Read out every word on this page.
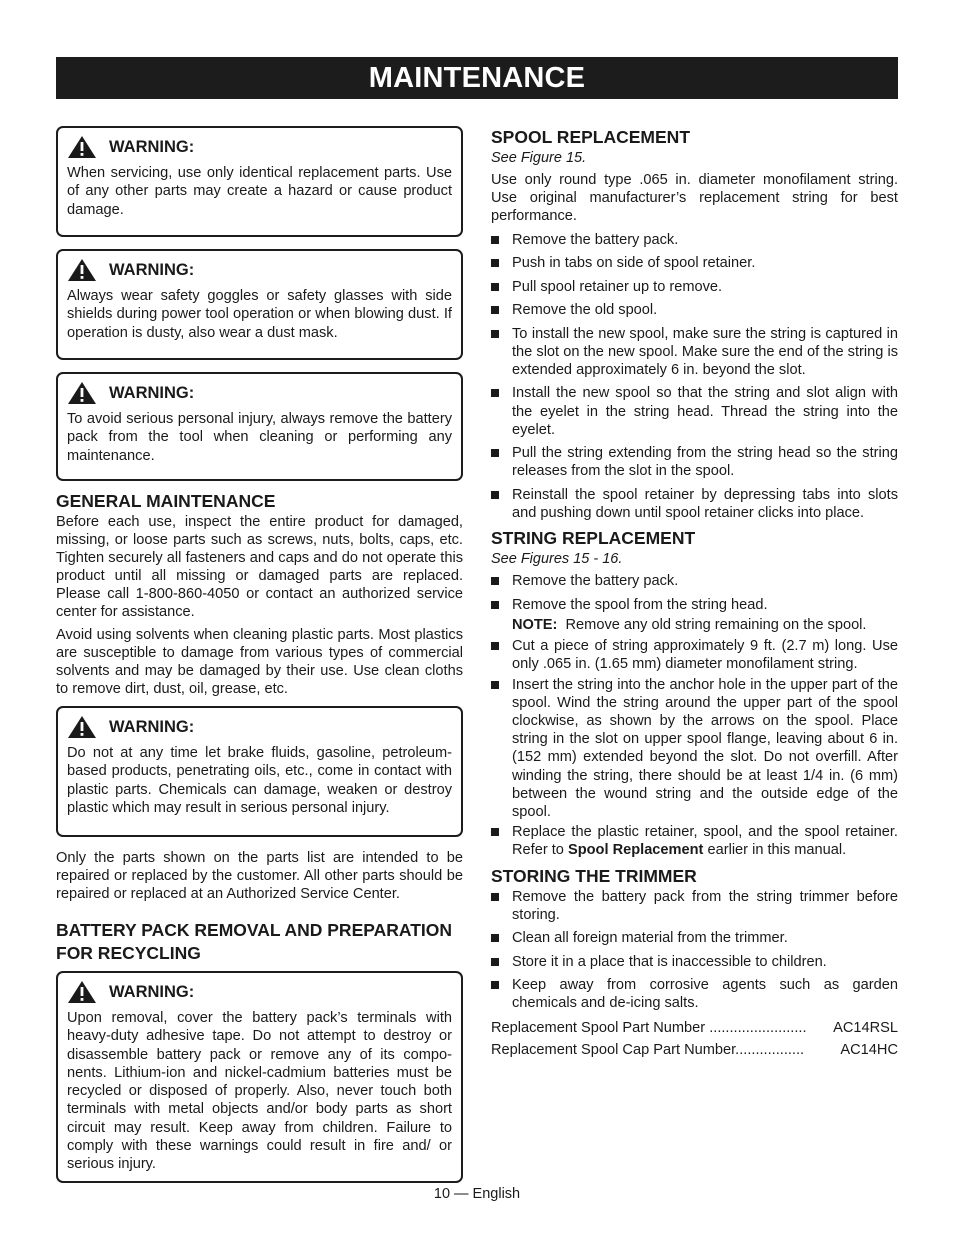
MAINTENANCE
WARNING:

When servicing, use only identical replacement parts. Use of any other parts may create a hazard or cause product damage.

WARNING:

Always wear safety goggles or safety glasses with side shields during power tool operation or when blowing dust. If operation is dusty, also wear a dust mask.

WARNING:

To avoid serious personal injury, always remove the battery pack from the tool when cleaning or performing any maintenance.

GENERAL MAINTENANCE

Before each use, inspect the entire product for damaged, missing, or loose parts such as screws, nuts, bolts, caps, etc. Tighten securely all fasteners and caps and do not operate this product until all missing or damaged parts are replaced. Please call 1-800-860-4050 or contact an authorized service center for assistance.

Avoid using solvents when cleaning plastic parts. Most plastics are susceptible to damage from various types of commercial solvents and may be damaged by their use. Use clean cloths to remove dirt, dust, oil, grease, etc.

WARNING:

Do not at any time let brake fluids, gasoline, petroleum-based products, penetrating oils, etc., come in contact with plastic parts. Chemicals can damage, weaken or destroy plastic which may result in serious personal injury.

Only the parts shown on the parts list are intended to be repaired or replaced by the customer. All other parts should be repaired or replaced at an Authorized Service Center.

BATTERY PACK REMOVAL AND PREPARATION FOR RECYCLING
WARNING:

Upon removal, cover the battery pack’s terminals with heavy-duty adhesive tape. Do not attempt to destroy or disassemble battery pack or remove any of its compo-nents. Lithium-ion and nickel-cadmium batteries must be recycled or disposed of properly. Also, never touch both terminals with metal objects and/or body parts as short circuit may result. Keep away from children. Failure to comply with these warnings could result in fire and/ or serious injury.

SPOOL REPLACEMENT

See Figure 15.

Use only round type .065 in. diameter monofilament string. Use original manufacturer’s replacement string for best performance.

Remove the battery pack.
Push in tabs on side of spool retainer.
Pull spool retainer up to remove.
Remove the old spool.
To install the new spool, make sure the string is captured in the slot on the new spool. Make sure the end of the string is extended approximately 6 in. beyond the slot.
Install the new spool so that the string and slot align with the eyelet in the string head. Thread the string into the eyelet.
Pull the string extending from the string head so the string releases from the slot in the spool.
Reinstall the spool retainer by depressing tabs into slots and pushing down until spool retainer clicks into place.
STRING REPLACEMENT

See Figures 15 - 16.

Remove the battery pack.
Remove the spool from the string head.
NOTE: Remove any old string remaining on the spool.
Cut a piece of string approximately 9 ft. (2.7 m) long. Use only .065 in. (1.65 mm) diameter monofilament string.
Insert the string into the anchor hole in the upper part of the spool. Wind the string around the upper part of the spool clockwise, as shown by the arrows on the spool. Place string in the slot on upper spool flange, leaving about 6 in. (152 mm) extended beyond the slot. Do not overfill. After winding the string, there should be at least 1/4 in. (6 mm) between the wound string and the outside edge of the spool.
Replace the plastic retainer, spool, and the spool retainer. Refer to Spool Replacement earlier in this manual.
STORING THE TRIMMER
Remove the battery pack from the string trimmer before storing.
Clean all foreign material from the trimmer.
Store it in a place that is inaccessible to children.
Keep away from corrosive agents such as garden chemicals and de-icing salts.
Replacement Spool Part Number ........................ AC14RSL
Replacement Spool Cap Part Number................. AC14HC
10 — English
